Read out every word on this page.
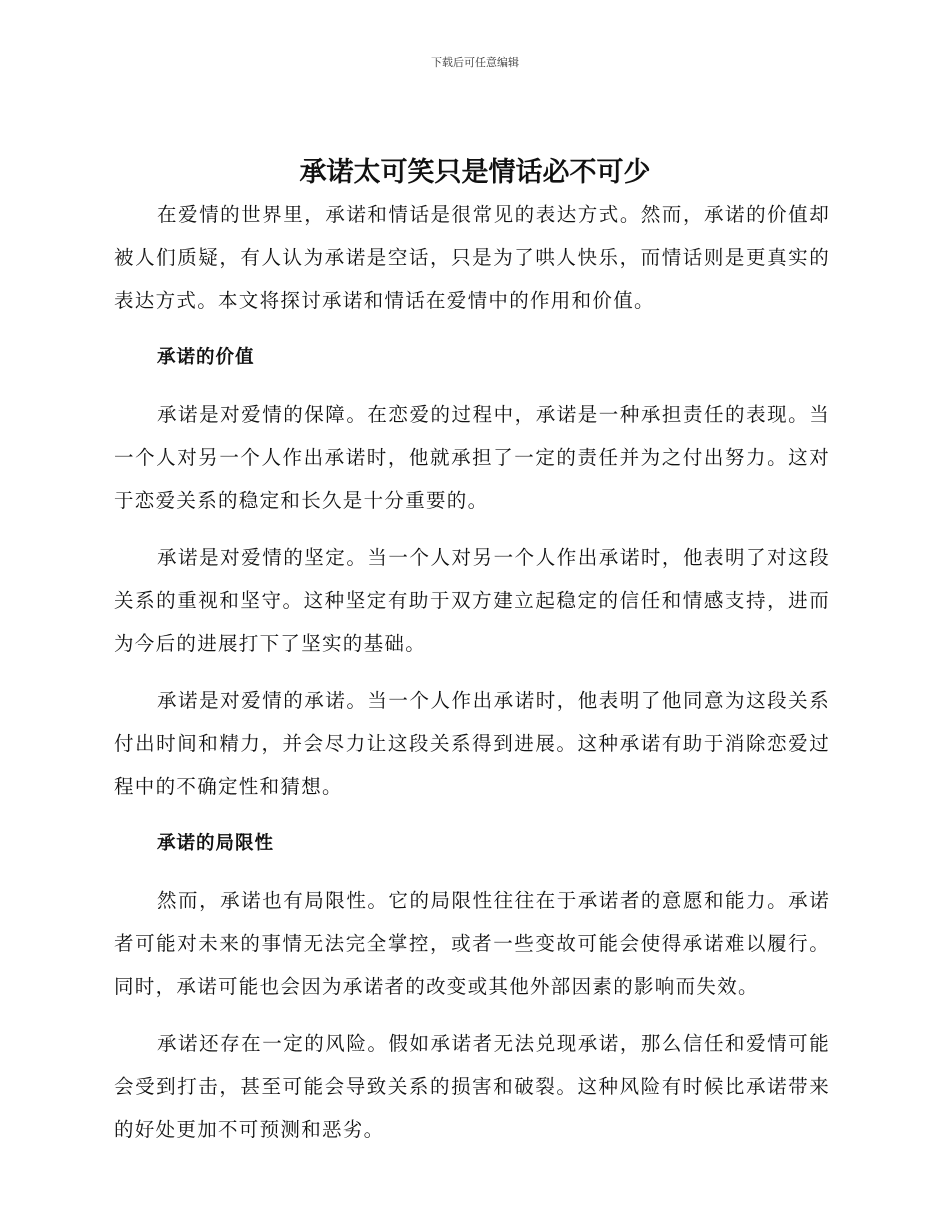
下载后可任意编辑
承诺太可笑只是情话必不可少

在爱情的世界里，承诺和情话是很常见的表达方式。然而，承诺的价值却被人们质疑，有人认为承诺是空话，只是为了哄人快乐，而情话则是更真实的表达方式。本文将探讨承诺和情话在爱情中的作用和价值。

承诺的价值

承诺是对爱情的保障。在恋爱的过程中，承诺是一种承担责任的表现。当一个人对另一个人作出承诺时，他就承担了一定的责任并为之付出努力。这对于恋爱关系的稳定和长久是十分重要的。

承诺是对爱情的坚定。当一个人对另一个人作出承诺时，他表明了对这段关系的重视和坚守。这种坚定有助于双方建立起稳定的信任和情感支持，进而为今后的进展打下了坚实的基础。

承诺是对爱情的承诺。当一个人作出承诺时，他表明了他同意为这段关系付出时间和精力，并会尽力让这段关系得到进展。这种承诺有助于消除恋爱过程中的不确定性和猜想。

承诺的局限性

然而，承诺也有局限性。它的局限性往往在于承诺者的意愿和能力。承诺者可能对未来的事情无法完全掌控，或者一些变故可能会使得承诺难以履行。同时，承诺可能也会因为承诺者的改变或其他外部因素的影响而失效。

承诺还存在一定的风险。假如承诺者无法兑现承诺，那么信任和爱情可能会受到打击，甚至可能会导致关系的损害和破裂。这种风险有时候比承诺带来的好处更加不可预测和恶劣。
